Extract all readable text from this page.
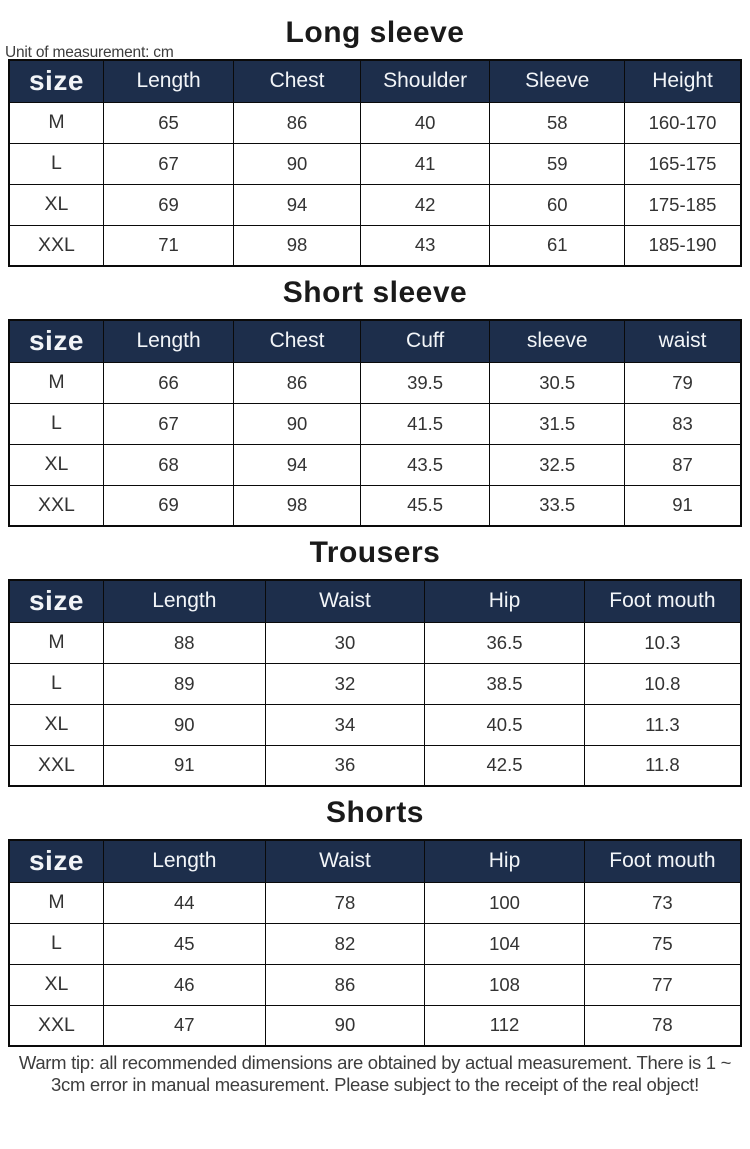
Unit of measurement: cm
Long sleeve
size	Length	Chest	Shoulder	Sleeve	Height
M	65	86	40	58	160-170
L	67	90	41	59	165-175
XL	69	94	42	60	175-185
XXL	71	98	43	61	185-190
Short sleeve
size	Length	Chest	Cuff	sleeve	waist
M	66	86	39.5	30.5	79
L	67	90	41.5	31.5	83
XL	68	94	43.5	32.5	87
XXL	69	98	45.5	33.5	91
Trousers
size	Length	Waist	Hip	Foot mouth
M	88	30	36.5	10.3
L	89	32	38.5	10.8
XL	90	34	40.5	11.3
XXL	91	36	42.5	11.8
Shorts
size	Length	Waist	Hip	Foot mouth
M	44	78	100	73
L	45	82	104	75
XL	46	86	108	77
XXL	47	90	112	78
Warm tip: all recommended dimensions are obtained by actual measurement. There is 1 ~ 3cm error in manual measurement. Please subject to the receipt of the real object!
